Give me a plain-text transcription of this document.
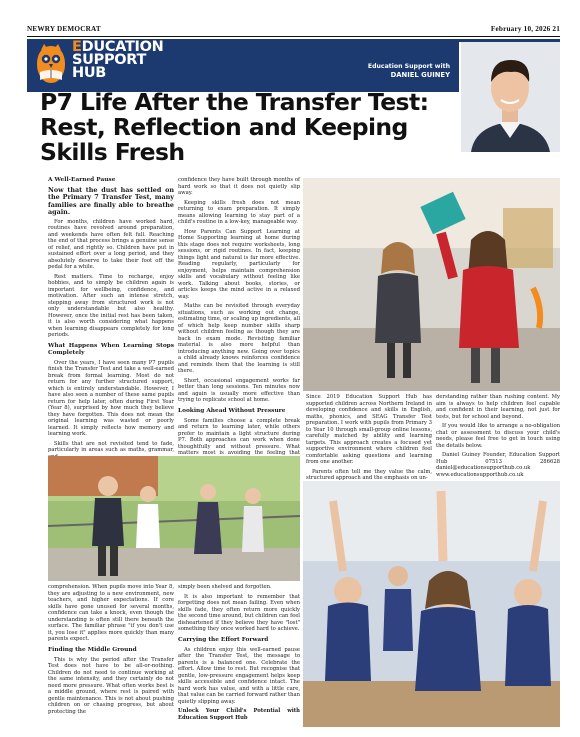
NEWRY DEMOCRAT	February 10, 2026 21
EDUCATION
SUPPORT
HUB	Education Support with
DANIEL GUINEY
P7 Life After the Transfer Test: Rest, Reflection and Keeping Skills Fresh
A Well-Earned Pause

Now that the dust has settled on the Primary 7 Transfer Test, many families are finally able to breathe again.

For months, children have worked hard, routines have revolved around preparation, and weekends have often felt full. Reaching the end of that process brings a genuine sense of relief, and rightly so. Children have put in sustained effort over a long period, and they absolutely deserve to take their foot off the pedal for a while.

Rest matters. Time to recharge, enjoy hobbies, and to simply be children again is important for wellbeing, confidence, and motivation. After such an intense stretch, stepping away from structured work is not only understandable but also healthy. However, once the initial rest has been taken, it is also worth considering what happens when learning disappears completely for long periods.

What Happens When Learning Stops Completely

Over the years, I have seen many P7 pupils finish the Transfer Test and take a well-earned break from formal learning. Most do not return for any further structured support, which is entirely understandable. However, I have also seen a number of these same pupils return for help later, often during First Year (Year 8), surprised by how much they believe they have forgotten. This does not mean the original learning was wasted or poorly learned. It simply reflects how memory and learning work.

Skills that are not revisited tend to fade, particularly in areas such as maths, grammar,

confidence they have built through months of hard work so that it does not quietly slip away.

Keeping skills fresh does not mean returning to exam preparation. It simply means allowing learning to stay part of a child's routine in a low-key, manageable way.

How Parents Can Support Learning at Home Supporting learning at home during this stage does not require worksheets, long sessions, or rigid routines. In fact, keeping things light and natural is far more effective. Reading regularly, particularly for enjoyment, helps maintain comprehension skills and vocabulary without feeling like work. Talking about books, stories, or articles keeps the mind active in a relaxed way.

Maths can be revisited through everyday situations, such as working out change, estimating time, or scaling up ingredients, all of which help keep number skills sharp without children feeling as though they are back in exam mode. Revisiting familiar material is also more helpful than introducing anything new. Going over topics a child already knows reinforces confidence and reminds them that the learning is still there.

Short, occasional engagement works far better than long sessions. Ten minutes now and again is usually more effective than trying to replicate school at home.

Looking Ahead Without Pressure

Some families choose a complete break and return to learning later, while others prefer to maintain a light structure during P7. Both approaches can work when done thoughtfully and without pressure. What matters most is avoiding the feeling that

Since 2019 Education Support Hub has supported children across Northern Ireland in developing confidence and skills in English, maths, phonics, and SEAG Transfer Test preparation. I work with pupils from Primary 3 to Year 10 through small-group online lessons, carefully matched by ability and learning targets. This approach creates a focused yet supportive environment where children feel comfortable asking questions and learning from one another.

Parents often tell me they value the calm, structured approach and the emphasis on un-

derstanding rather than rushing content. My aim is always to help children feel capable and confident in their learning, not just for tests, but for school and beyond.

If you would like to arrange a no-obligation chat or assessment to discuss your child's needs, please feel free to get in touch using the details below.

Daniel Guiney Founder, Education Support Hub 07513 286628 daniel@educationsupporthub.co.uk www.educationsupporthub.co.uk

comprehension. When pupils move into Year 8, they are adjusting to a new environment, new teachers, and higher expectations. If core skills have gone unused for several months, confidence can take a knock, even though the understanding is often still there beneath the surface. The familiar phrase "if you don't use it, you lose it" applies more quickly than many parents expect.

Finding the Middle Ground

This is why the period after the Transfer Test does not have to be all-or-nothing. Children do not need to continue working at the same intensity, and they certainly do not need more pressure. What often works best is a middle ground, where rest is paired with gentle maintenance. This is not about pushing children on or chasing progress, but about protecting the

simply been shelved and forgotten.

It is also important to remember that forgetting does not mean failing. Even when skills fade, they often return more quickly the second time around, but children can feel disheartened if they believe they have "lost" something they once worked hard to achieve.

Carrying the Effort Forward

As children enjoy this well-earned pause after the Transfer Test, the message to parents is a balanced one. Celebrate the effort. Allow time to rest. But recognise that gentle, low-pressure engagement helps keep skills accessible and confidence intact. The hard work has value, and with a little care, that value can be carried forward rather than quietly slipping away.

Unlock Your Child's Potential with Education Support Hub
